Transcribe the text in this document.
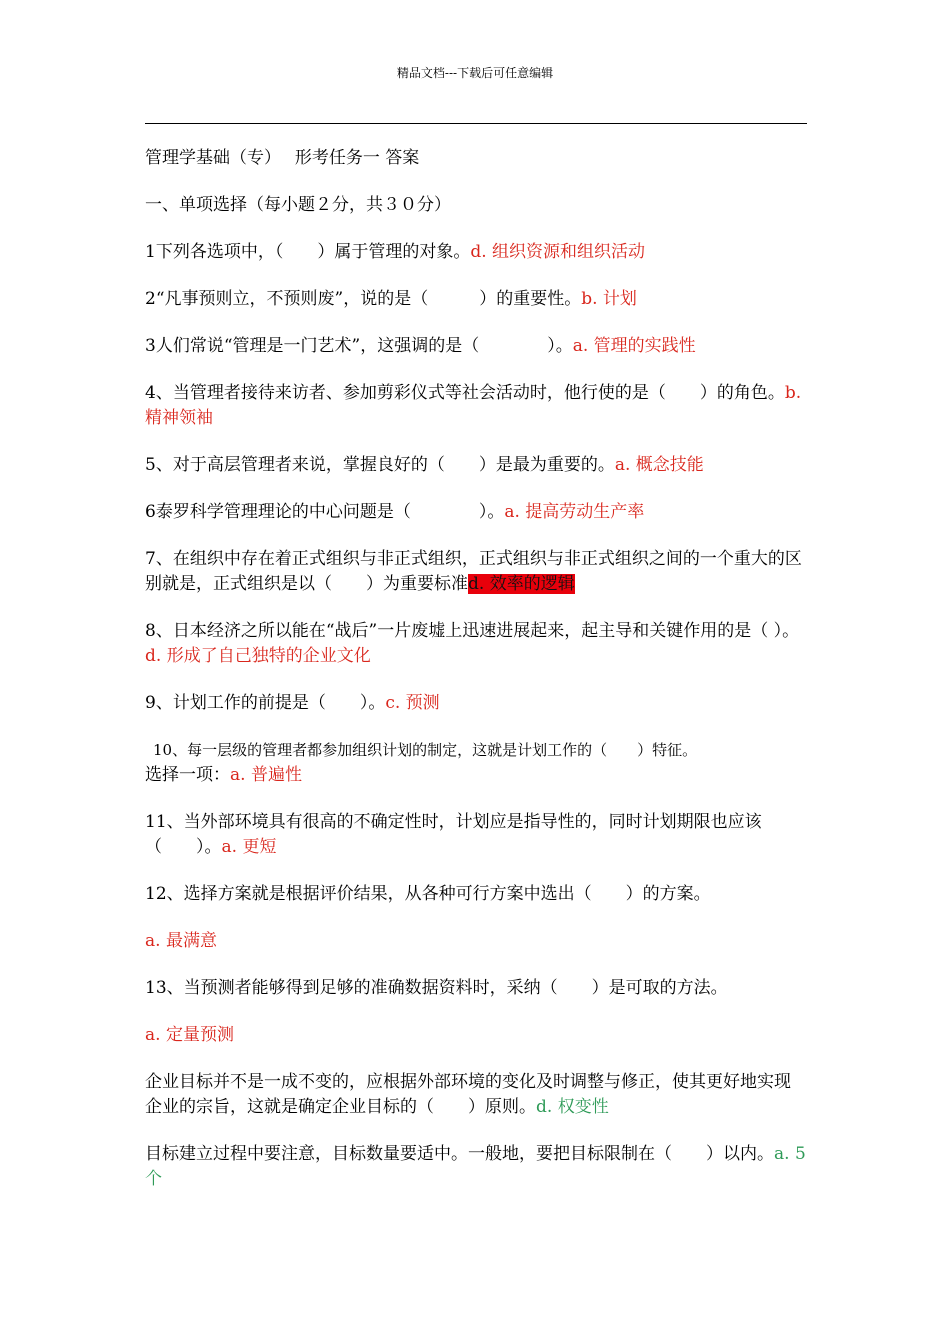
精品文档---下载后可任意编辑

管理学基础（专）　 形考任务一 答案

一、单项选择（每小题２分，共３０分）

1下列各选项中，（　　）属于管理的对象。d. 组织资源和组织活动

2“凡事预则立，不预则废”，说的是（　　　）的重要性。b. 计划

3人们常说“管理是一门艺术”，这强调的是（　　　　）。a. 管理的实践性

4、当管理者接待来访者、参加剪彩仪式等社会活动时，他行使的是（　　）的角色。b. 精神领袖

5、对于高层管理者来说，掌握良好的（　　）是最为重要的。a. 概念技能

6泰罗科学管理理论的中心问题是（　　　　）。a. 提高劳动生产率

7、在组织中存在着正式组织与非正式组织，正式组织与非正式组织之间的一个重大的区别就是，正式组织是以（　　）为重要标准d. 效率的逻辑

8、日本经济之所以能在“战后”一片废墟上迅速进展起来，起主导和关键作用的是（ ）。d. 形成了自己独特的企业文化

9、计划工作的前提是（　　）。c. 预测

10、每一层级的管理者都参加组织计划的制定，这就是计划工作的（　　）特征。
选择一项：a. 普遍性

11、当外部环境具有很高的不确定性时，计划应是指导性的，同时计划期限也应该（　　）。a. 更短

12、选择方案就是根据评价结果，从各种可行方案中选出（　　）的方案。

a. 最满意

13、当预测者能够得到足够的准确数据资料时，采纳（　　）是可取的方法。

a. 定量预测

企业目标并不是一成不变的，应根据外部环境的变化及时调整与修正，使其更好地实现企业的宗旨，这就是确定企业目标的（　　）原则。d. 权变性

目标建立过程中要注意，目标数量要适中。一般地，要把目标限制在（　　）以内。a. 5个
